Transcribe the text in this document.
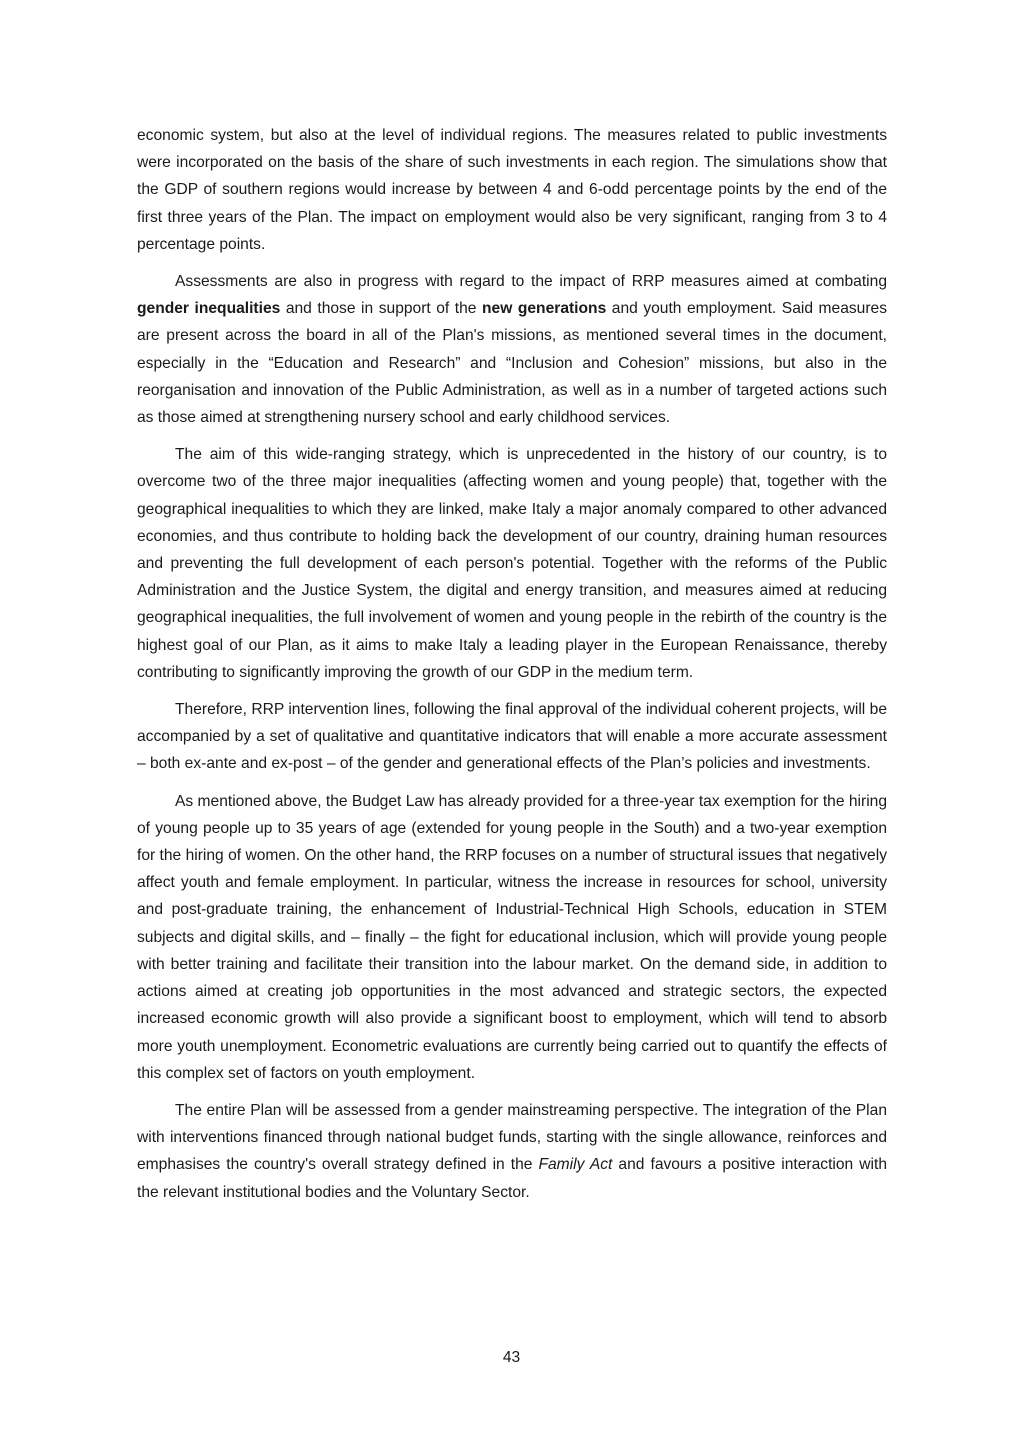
economic system, but also at the level of individual regions. The measures related to public investments were incorporated on the basis of the share of such investments in each region. The simulations show that the GDP of southern regions would increase by between 4 and 6-odd percentage points by the end of the first three years of the Plan. The impact on employment would also be very significant, ranging from 3 to 4 percentage points.

Assessments are also in progress with regard to the impact of RRP measures aimed at combating gender inequalities and those in support of the new generations and youth employment. Said measures are present across the board in all of the Plan's missions, as mentioned several times in the document, especially in the “Education and Research” and “Inclusion and Cohesion” missions, but also in the reorganisation and innovation of the Public Administration, as well as in a number of targeted actions such as those aimed at strengthening nursery school and early childhood services.

The aim of this wide-ranging strategy, which is unprecedented in the history of our country, is to overcome two of the three major inequalities (affecting women and young people) that, together with the geographical inequalities to which they are linked, make Italy a major anomaly compared to other advanced economies, and thus contribute to holding back the development of our country, draining human resources and preventing the full development of each person's potential. Together with the reforms of the Public Administration and the Justice System, the digital and energy transition, and measures aimed at reducing geographical inequalities, the full involvement of women and young people in the rebirth of the country is the highest goal of our Plan, as it aims to make Italy a leading player in the European Renaissance, thereby contributing to significantly improving the growth of our GDP in the medium term.

Therefore, RRP intervention lines, following the final approval of the individual coherent projects, will be accompanied by a set of qualitative and quantitative indicators that will enable a more accurate assessment – both ex-ante and ex-post – of the gender and generational effects of the Plan’s policies and investments.

As mentioned above, the Budget Law has already provided for a three-year tax exemption for the hiring of young people up to 35 years of age (extended for young people in the South) and a two-year exemption for the hiring of women. On the other hand, the RRP focuses on a number of structural issues that negatively affect youth and female employment. In particular, witness the increase in resources for school, university and post-graduate training, the enhancement of Industrial-Technical High Schools, education in STEM subjects and digital skills, and – finally – the fight for educational inclusion, which will provide young people with better training and facilitate their transition into the labour market. On the demand side, in addition to actions aimed at creating job opportunities in the most advanced and strategic sectors, the expected increased economic growth will also provide a significant boost to employment, which will tend to absorb more youth unemployment. Econometric evaluations are currently being carried out to quantify the effects of this complex set of factors on youth employment.

The entire Plan will be assessed from a gender mainstreaming perspective. The integration of the Plan with interventions financed through national budget funds, starting with the single allowance, reinforces and emphasises the country's overall strategy defined in the Family Act and favours a positive interaction with the relevant institutional bodies and the Voluntary Sector.

43
